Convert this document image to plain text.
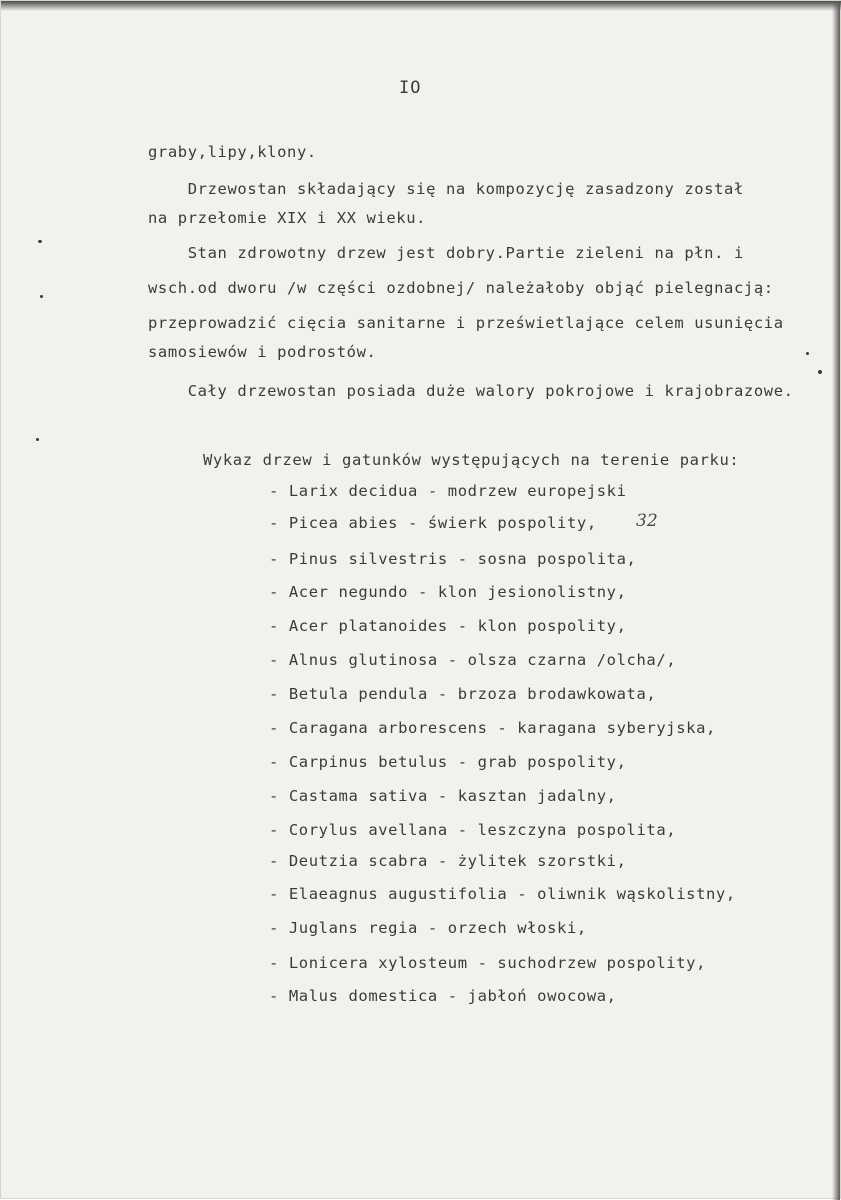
IO
graby,lipy,klony.
Drzewostan składający się na kompozycję zasadzony został
na przełomie XIX i XX wieku.
Stan zdrowotny drzew jest dobry.Partie zieleni na płn. i
wsch.od dworu /w części ozdobnej/ należałoby objąć pielegnacją:
przeprowadzić cięcia sanitarne i prześwietlające celem usunięcia
samosiewów i podrostów.
Cały drzewostan posiada duże walory pokrojowe i krajobrazowe.
Wykaz drzew i gatunków występujących na terenie parku:
- Larix decidua - modrzew europejski
- Picea abies - świerk pospolity,
- Pinus silvestris - sosna pospolita,
- Acer negundo - klon jesionolistny,
- Acer platanoides - klon pospolity,
- Alnus glutinosa - olsza czarna /olcha/,
- Betula pendula - brzoza brodawkowata,
- Caragana arborescens - karagana syberyjska,
- Carpinus betulus - grab pospolity,
- Castama sativa - kasztan jadalny,
- Corylus avellana - leszczyna pospolita,
- Deutzia scabra - żylitek szorstki,
- Elaeagnus augustifolia - oliwnik wąskolistny,
- Juglans regia - orzech włoski,
- Lonicera xylosteum - suchodrzew pospolity,
- Malus domestica - jabłoń owocowa,
32
